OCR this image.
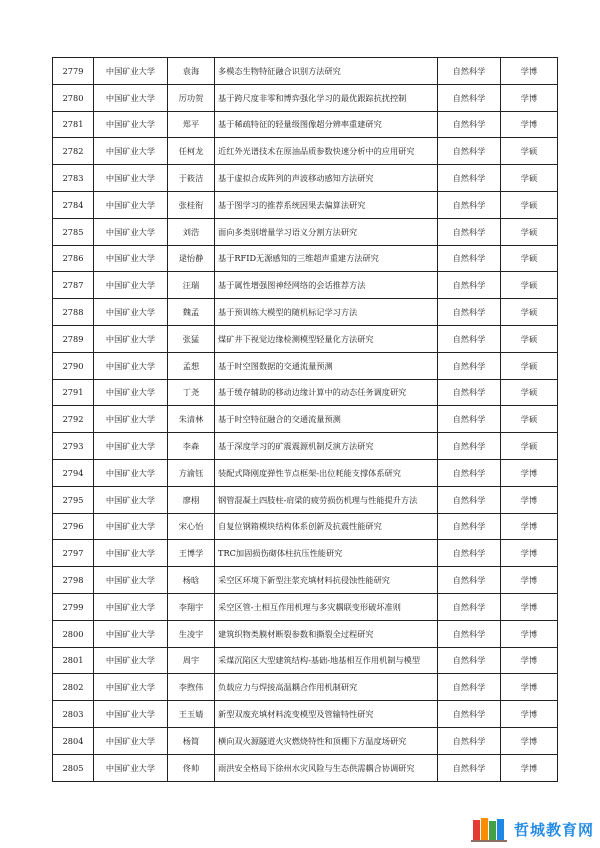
2779	中国矿业大学	袁海	多模态生物特征融合识别方法研究	自然科学	学博
2780	中国矿业大学	厉功贺	基于跨尺度非零和博弈强化学习的最优跟踪抗扰控制	自然科学	学博
2781	中国矿业大学	郑平	基于稀疏特征的轻量级图像超分辨率重建研究	自然科学	学博
2782	中国矿业大学	任柯龙	近红外光谱技术在原油品质参数快速分析中的应用研究	自然科学	学硕
2783	中国矿业大学	于筱洁	基于虚拟合成阵列的声波移动感知方法研究	自然科学	学硕
2784	中国矿业大学	张桂衔	基于图学习的推荐系统因果去偏算法研究	自然科学	学硕
2785	中国矿业大学	刘浩	面向多类别增量学习语义分割方法研究	自然科学	学硕
2786	中国矿业大学	逯怡静	基于RFID无源感知的三维超声重建方法研究	自然科学	学硕
2787	中国矿业大学	汪瑞	基于属性增强图神经网络的会话推荐方法	自然科学	学硕
2788	中国矿业大学	魏孟	基于预训练大模型的随机标记学习方法	自然科学	学硕
2789	中国矿业大学	张猛	煤矿井下视觉边缘检测模型轻量化方法研究	自然科学	学硕
2790	中国矿业大学	孟想	基于时空图数据的交通流量预测	自然科学	学硕
2791	中国矿业大学	丁尧	基于缓存辅助的移动边缘计算中的动态任务调度研究	自然科学	学硕
2792	中国矿业大学	朱清林	基于时空特征融合的交通流量预测	自然科学	学硕
2793	中国矿业大学	李森	基于深度学习的矿震震源机制反演方法研究	自然科学	学硕
2794	中国矿业大学	方渝钰	装配式降刚度弹性节点框架-出位耗能支撑体系研究	自然科学	学博
2795	中国矿业大学	廖栩	钢管混凝土四肢柱-肩梁的疲劳损伤机理与性能提升方法	自然科学	学博
2796	中国矿业大学	宋心怡	自复位钢箱模块结构体系创新及抗震性能研究	自然科学	学博
2797	中国矿业大学	王博学	TRC加固损伤砌体柱抗压性能研究	自然科学	学博
2798	中国矿业大学	杨晗	采空区环境下新型注浆充填材料抗侵蚀性能研究	自然科学	学博
2799	中国矿业大学	李翔宇	采空区管-土相互作用机理与多灾耦联变形破坏准则	自然科学	学博
2800	中国矿业大学	生凌宇	建筑织物类膜材断裂参数和撕裂全过程研究	自然科学	学博
2801	中国矿业大学	周宇	采煤沉陷区大型建筑结构-基础-地基相互作用机制与模型	自然科学	学博
2802	中国矿业大学	李煦伟	负载应力与焊接高温耦合作用机制研究	自然科学	学博
2803	中国矿业大学	王玉婧	新型双废充填材料流变模型及管输特性研究	自然科学	学博
2804	中国矿业大学	杨简	横向双火源隧道火灾燃烧特性和顶棚下方温度场研究	自然科学	学博
2805	中国矿业大学	佟帅	雨洪安全格局下徐州水灾风险与生态供需耦合协调研究	自然科学	学博
哲城教育网
